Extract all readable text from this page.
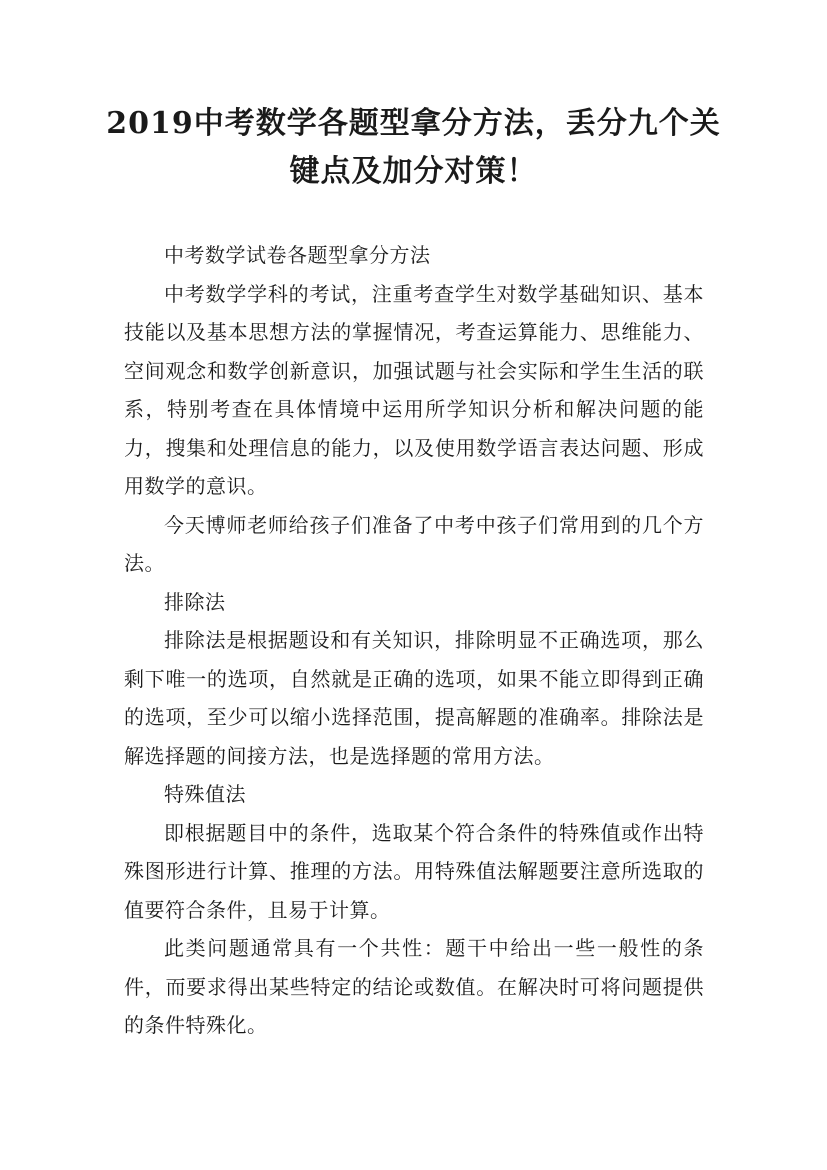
2019中考数学各题型拿分方法，丢分九个关键点及加分对策！

中考数学试卷各题型拿分方法

中考数学学科的考试，注重考查学生对数学基础知识、基本技能以及基本思想方法的掌握情况，考查运算能力、思维能力、空间观念和数学创新意识，加强试题与社会实际和学生生活的联系，特别考查在具体情境中运用所学知识分析和解决问题的能力，搜集和处理信息的能力，以及使用数学语言表达问题、形成用数学的意识。

今天博师老师给孩子们准备了中考中孩子们常用到的几个方法。

排除法

排除法是根据题设和有关知识，排除明显不正确选项，那么剩下唯一的选项，自然就是正确的选项，如果不能立即得到正确的选项，至少可以缩小选择范围，提高解题的准确率。排除法是解选择题的间接方法，也是选择题的常用方法。

特殊值法

即根据题目中的条件，选取某个符合条件的特殊值或作出特殊图形进行计算、推理的方法。用特殊值法解题要注意所选取的值要符合条件，且易于计算。

此类问题通常具有一个共性：题干中给出一些一般性的条件，而要求得出某些特定的结论或数值。在解决时可将问题提供的条件特殊化。
